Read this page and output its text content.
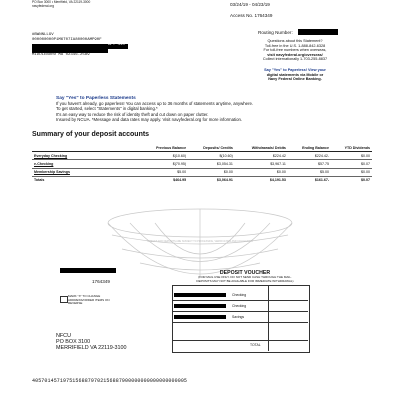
PO Box 3000 • Merrifield, VA 22119-3000
navyfederal.org	03/24/19 - 04/23/19
Access No. 1764349
#BWNNLLGV
000000000P1M6T07IA80000AMP90F
APT 415
MIDDLEBORO MA 02346-2589
Routing Number:
Questions about this Statement?
Toll-free in the U.S. 1-888-842-6328
For toll-free numbers when overseas,
visit navyfederal.org/overseas/
Collect internationally 1-703-255-8837
Say "Yes" to Paperless! View your
digital statements via Mobile or
Navy Federal Online Banking.
Say "Yes" to Paperless Statements
If you haven't already, go paperless! You can access up to 36 months of statements anytime, anywhere.
To get started, select "Statements" in digital banking.*
It's an easy way to reduce the risk of identity theft and cut down on paper clutter.
Insured by NCUA. *Message and data rates may apply. Visit navyfederal.org for more information.
Summary of your deposit accounts
	Previous Balance	Deposits/ Credits	Withdrawals/ Debits	Ending Balance	YTD Dividends
Everyday Checking	$(10.60)	$(10.60)	$224.42	$224.42-	$0.00
e-Checking	$(70.95)	$3,054.31	$3,967.11	$57.75	$0.07
Membership Savings	$5.00	$0.00	$0.00	$5.00	$0.00
Totals	$464.95	$3,064.91	$4,191.53	$161.67-	$0.07
CHECKS AND DEPOSITS ARE SUBJECT TO PROCESSING, VERIFICATION AND COLLECTION
1764349
MARK "X" TO CHANGE ADDRESS/ORDER ITEMS ON REVERSE
DEPOSIT VOUCHER
(FOR MAIL USE ONLY. DO NOT SEND CASH THROUGH THE MAIL.
DEPOSITS MAY NOT BE AVAILABLE FOR IMMEDIATE WITHDRAWAL)
Checking
Checking
Savings
TOTAL
NFCU
PO BOX 3100
MERRIFIELD VA 22119-3100
40570145719751568879702156887900000000000000000005
